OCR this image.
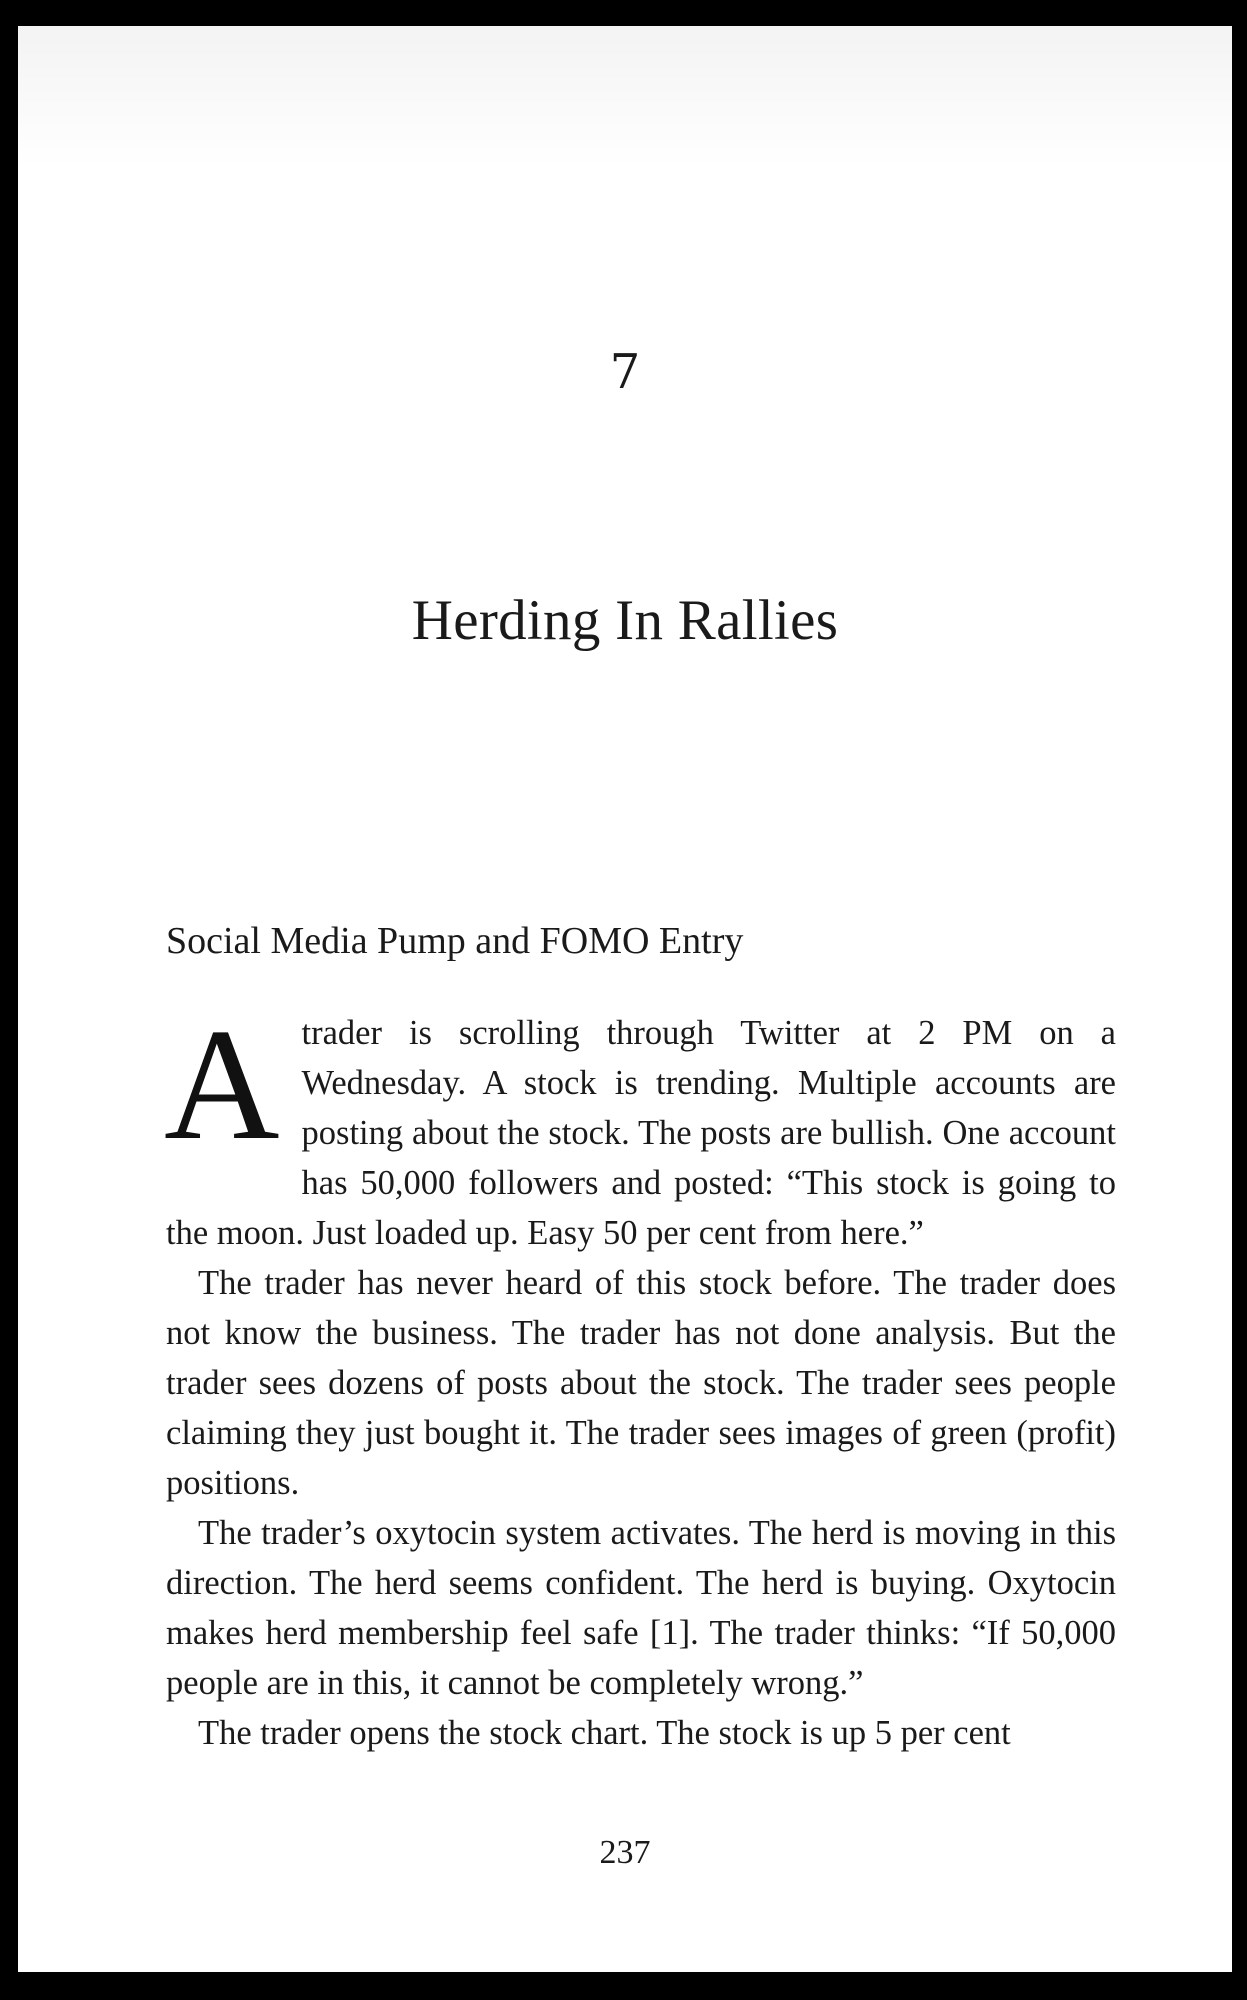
7
Herding In Rallies
Social Media Pump and FOMO Entry

Atrader is scrolling through Twitter at 2 PM on a Wednesday. A stock is trending. Multiple accounts are posting about the stock. The posts are bullish. One account has 50,000 followers and posted: “This stock is going to the moon. Just loaded up. Easy 50 per cent from here.”

The trader has never heard of this stock before. The trader does not know the business. The trader has not done analysis. But the trader sees dozens of posts about the stock. The trader sees people claiming they just bought it. The trader sees images of green (profit) positions.

The trader’s oxytocin system activates. The herd is moving in this direction. The herd seems confident. The herd is buying. Oxytocin makes herd membership feel safe [1]. The trader thinks: “If 50,000 people are in this, it cannot be completely wrong.”

The trader opens the stock chart. The stock is up 5 per cent

237
